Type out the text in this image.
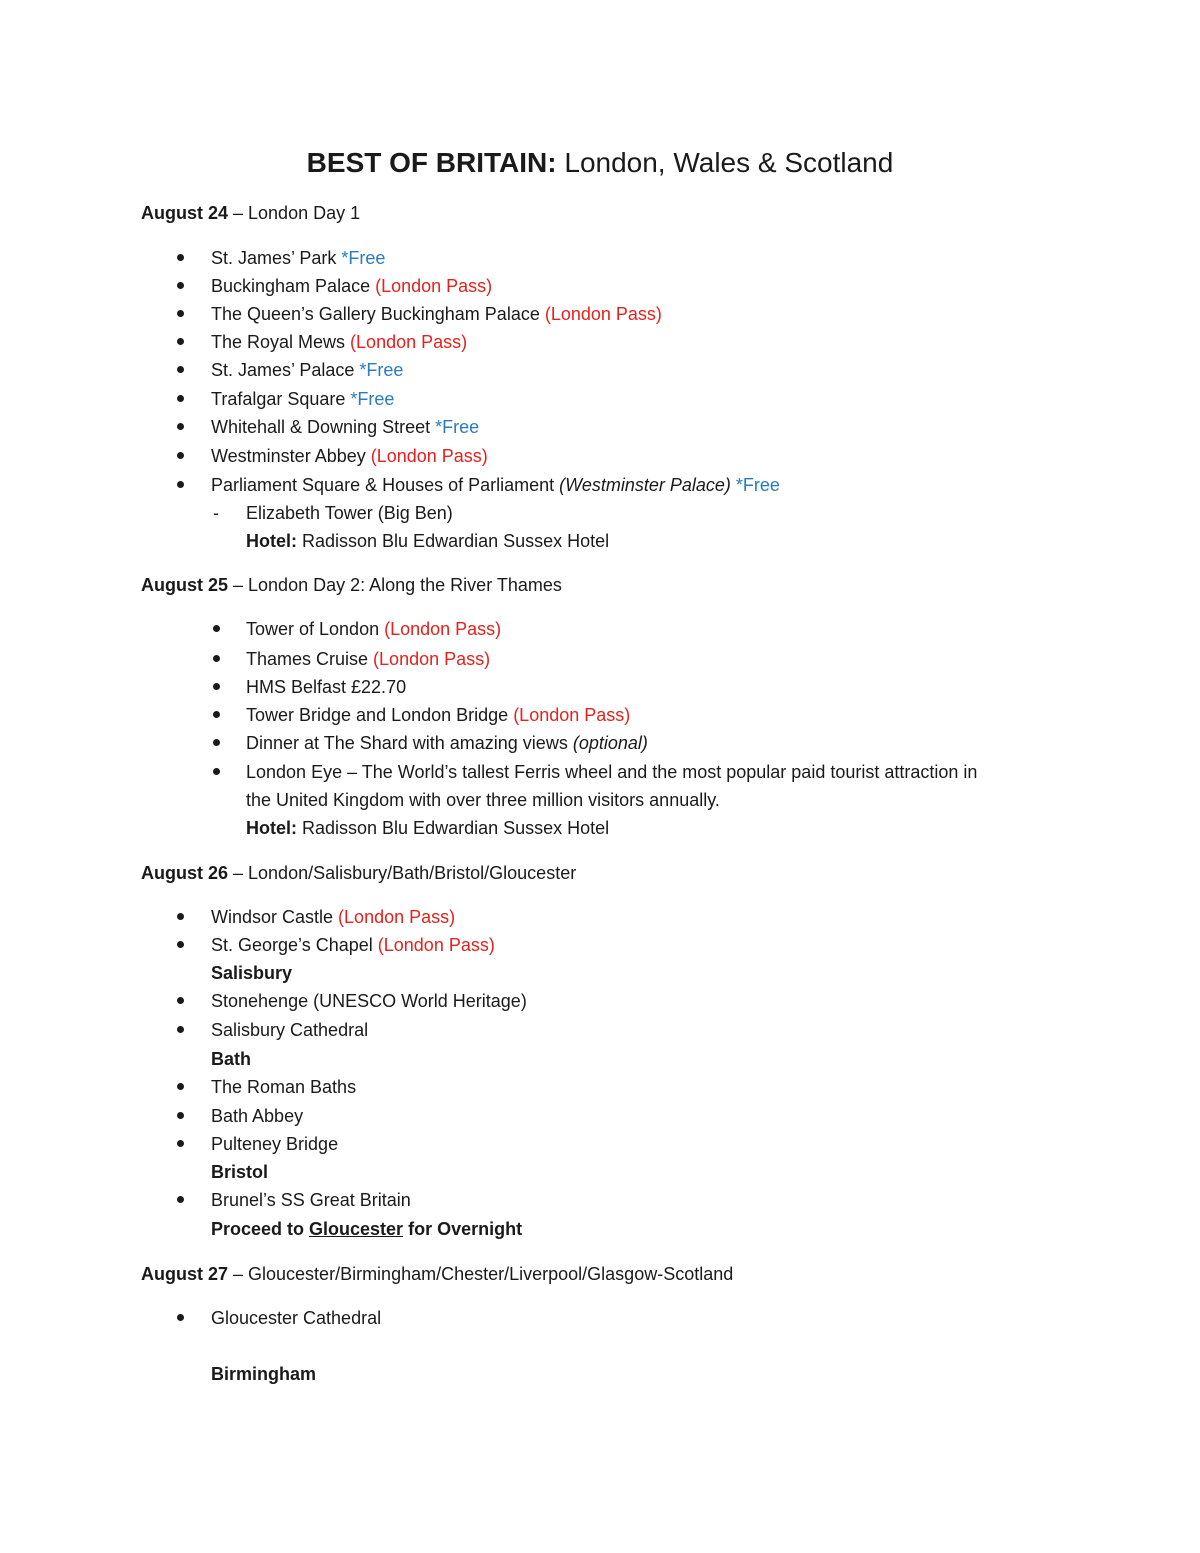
BEST OF BRITAIN: London, Wales & Scotland
August 24 – London Day 1
St. James’ Park *Free
Buckingham Palace (London Pass)
The Queen’s Gallery Buckingham Palace (London Pass)
The Royal Mews (London Pass)
St. James’ Palace *Free
Trafalgar Square *Free
Whitehall & Downing Street *Free
Westminster Abbey (London Pass)
Parliament Square & Houses of Parliament (Westminster Palace) *Free
- Elizabeth Tower (Big Ben)
Hotel: Radisson Blu Edwardian Sussex Hotel
August 25 – London Day 2: Along the River Thames
Tower of London (London Pass)
Thames Cruise (London Pass)
HMS Belfast £22.70
Tower Bridge and London Bridge (London Pass)
Dinner at The Shard with amazing views (optional)
London Eye – The World’s tallest Ferris wheel and the most popular paid tourist attraction in
the United Kingdom with over three million visitors annually.
Hotel: Radisson Blu Edwardian Sussex Hotel
August 26 – London/Salisbury/Bath/Bristol/Gloucester
Windsor Castle (London Pass)
St. George’s Chapel (London Pass)
Salisbury
Stonehenge (UNESCO World Heritage)
Salisbury Cathedral
Bath
The Roman Baths
Bath Abbey
Pulteney Bridge
Bristol
Brunel’s SS Great Britain
Proceed to Gloucester for Overnight
August 27 – Gloucester/Birmingham/Chester/Liverpool/Glasgow-Scotland
Gloucester Cathedral
Birmingham
